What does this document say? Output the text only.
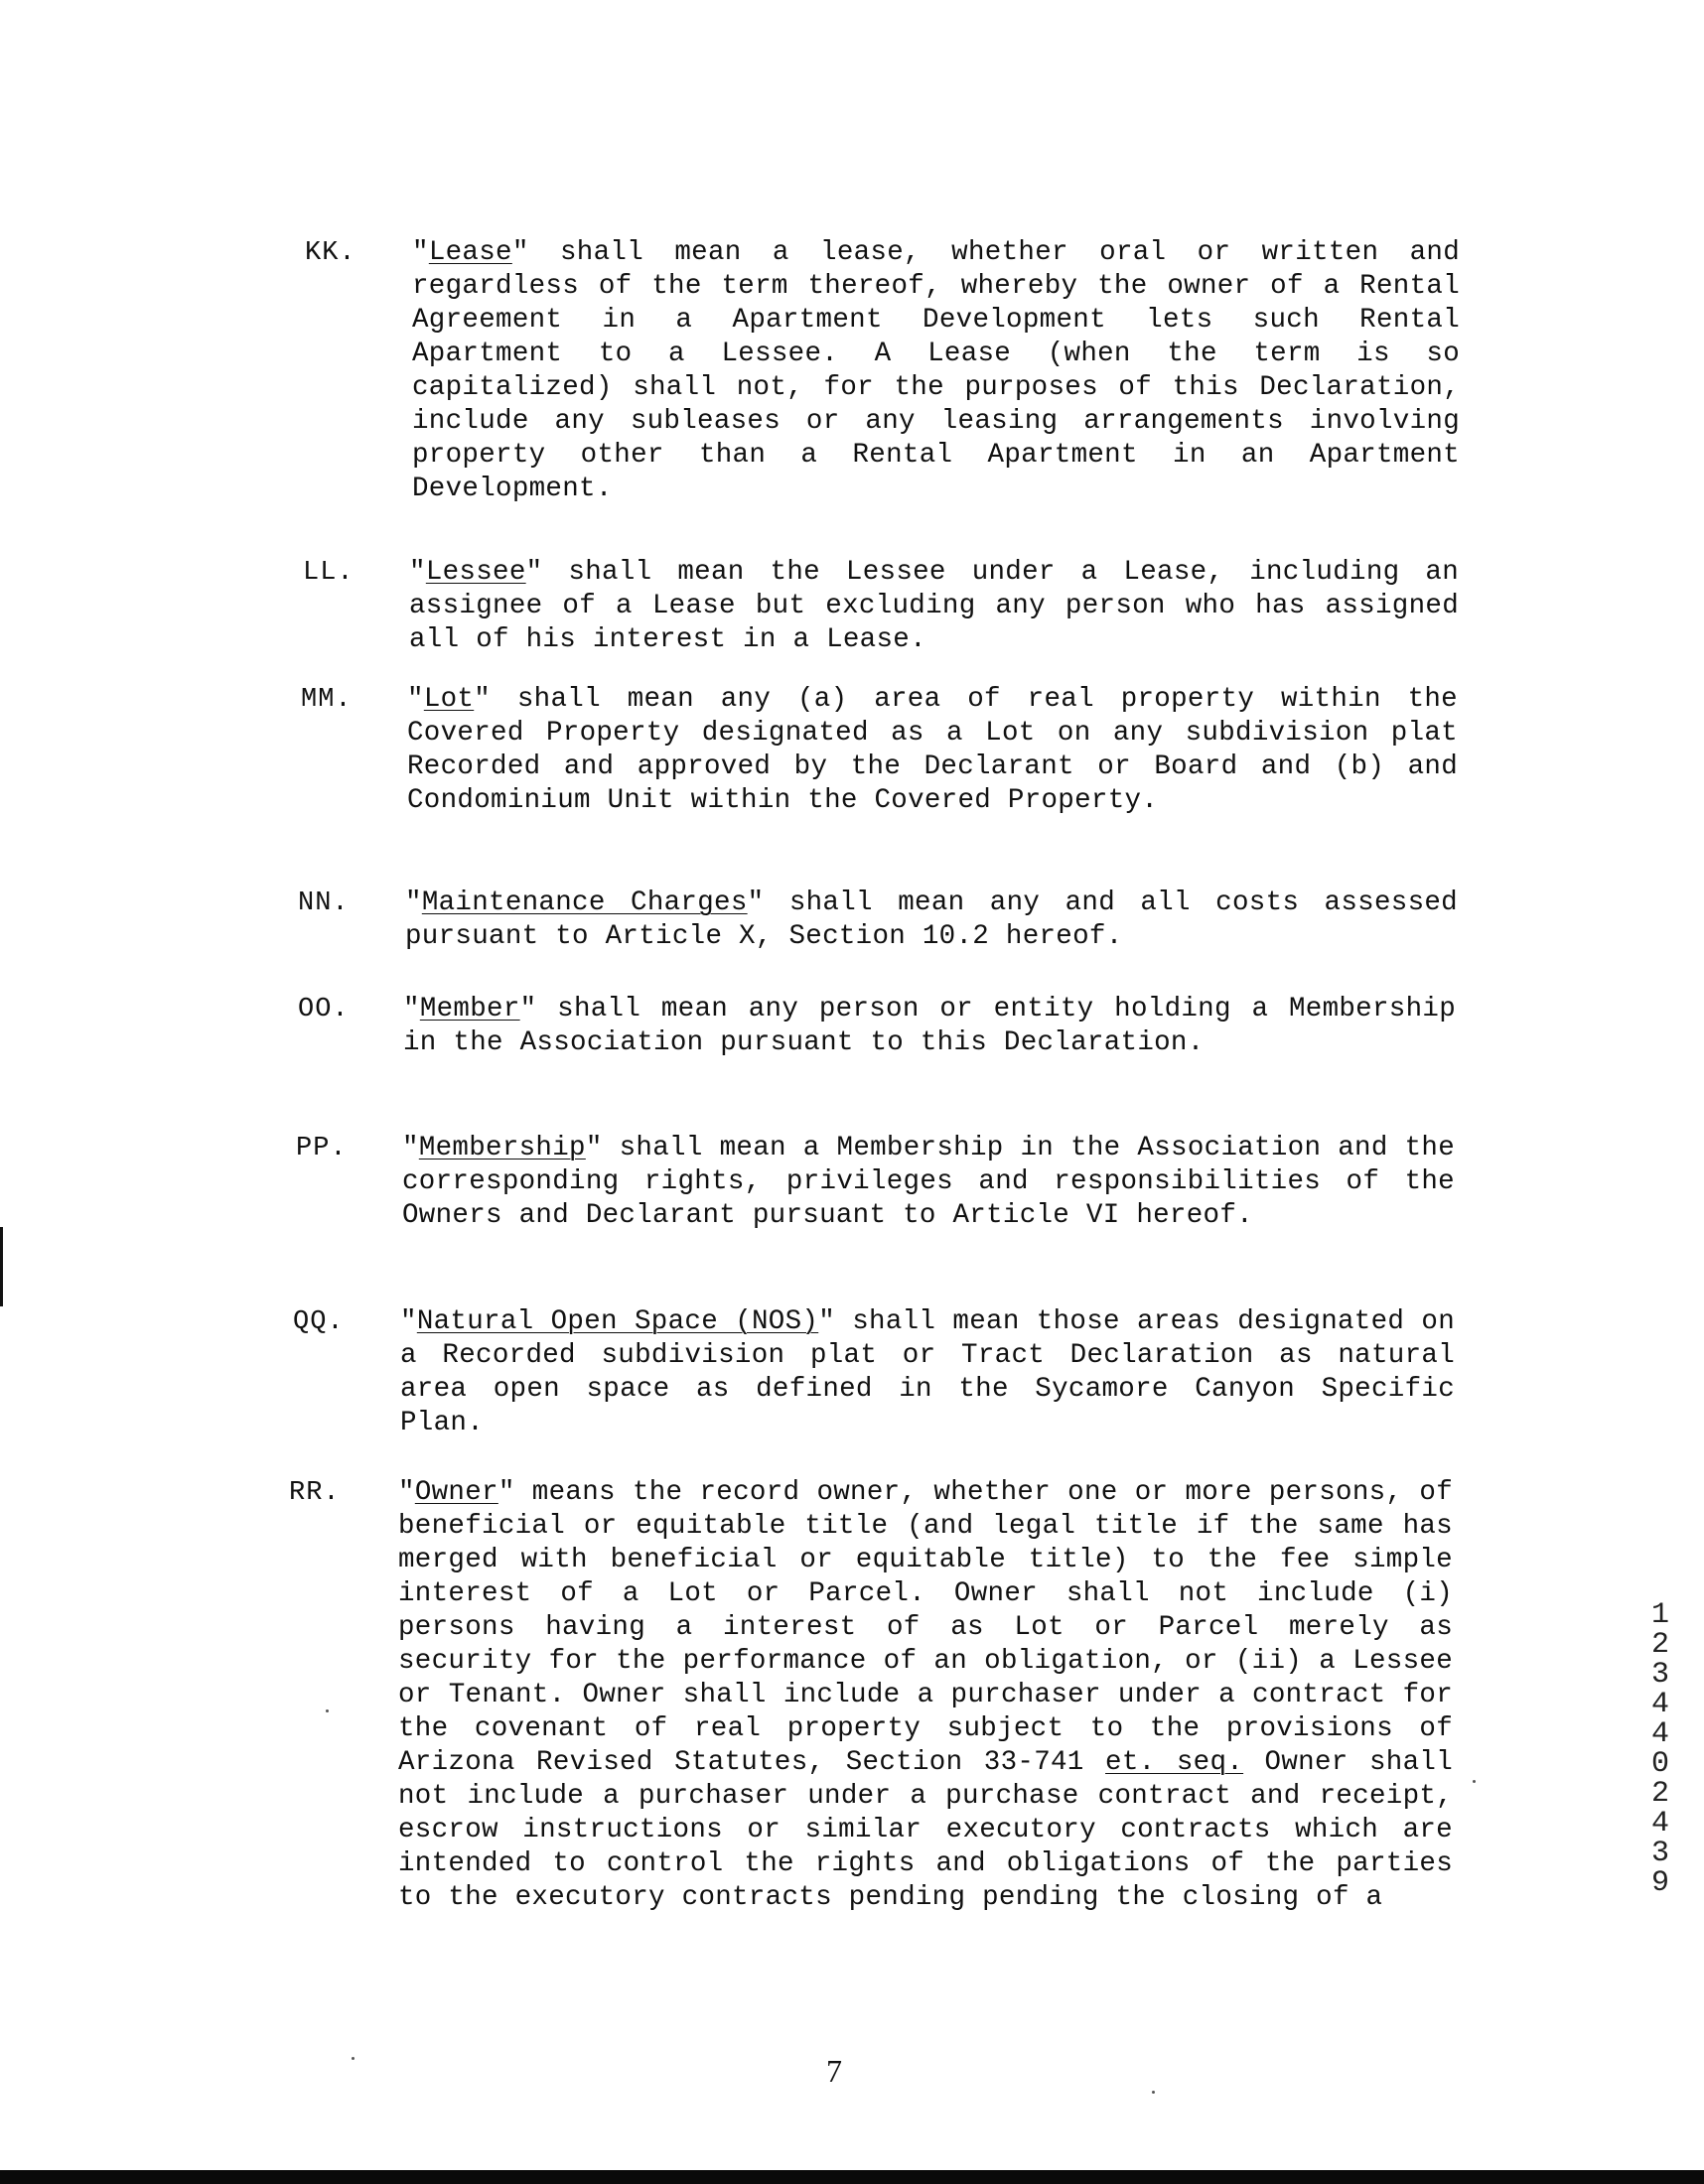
KK. "Lease" shall mean a lease, whether oral or written and regardless of the term thereof, whereby the owner of a Rental Agreement in a Apartment Development lets such Rental Apartment to a Lessee. A Lease (when the term is so capitalized) shall not, for the purposes of this Declaration, include any subleases or any leasing arrangements involving property other than a Rental Apartment in an Apartment Development.
LL. "Lessee" shall mean the Lessee under a Lease, including an assignee of a Lease but excluding any person who has assigned all of his interest in a Lease.
MM. "Lot" shall mean any (a) area of real property within the Covered Property designated as a Lot on any subdivision plat Recorded and approved by the Declarant or Board and (b) and Condominium Unit within the Covered Property.
NN. "Maintenance Charges" shall mean any and all costs assessed pursuant to Article X, Section 10.2 hereof.
OO. "Member" shall mean any person or entity holding a Membership in the Association pursuant to this Declaration.
PP. "Membership" shall mean a Membership in the Association and the corresponding rights, privileges and responsibilities of the Owners and Declarant pursuant to Article VI hereof.
QQ. "Natural Open Space (NOS)" shall mean those areas designated on a Recorded subdivision plat or Tract Declaration as natural area open space as defined in the Sycamore Canyon Specific Plan.
RR. "Owner" means the record owner, whether one or more persons, of beneficial or equitable title (and legal title if the same has merged with beneficial or equitable title) to the fee simple interest of a Lot or Parcel. Owner shall not include (i) persons having a interest of as Lot or Parcel merely as security for the performance of an obligation, or (ii) a Lessee or Tenant. Owner shall include a purchaser under a contract for the covenant of real property subject to the provisions of Arizona Revised Statutes, Section 33-741 et. seq. Owner shall not include a purchaser under a purchase contract and receipt, escrow instructions or similar executory contracts which are intended to control the rights and obligations of the parties to the executory contracts pending pending the closing of a
7
12344
02439
